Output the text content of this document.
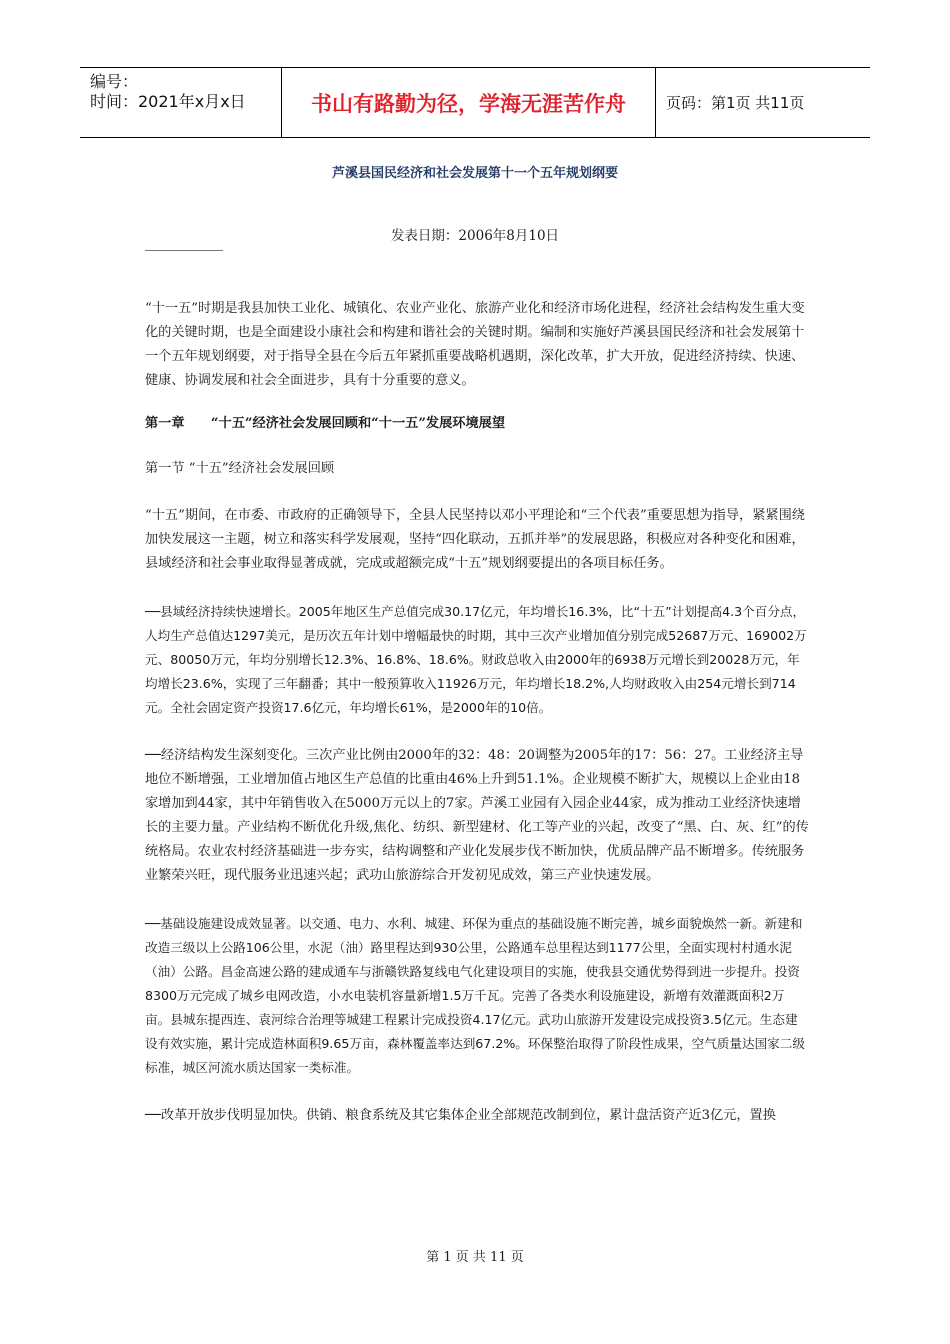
编号：
时间：2021年x月x日	书山有路勤为径，学海无涯苦作舟	页码：第1页 共11页
芦溪县国民经济和社会发展第十一个五年规划纲要
发表日期：2006年8月10日

“十一五”时期是我县加快工业化、城镇化、农业产业化、旅游产业化和经济市场化进程，经济社会结构发生重大变化的关键时期，也是全面建设小康社会和构建和谐社会的关键时期。编制和实施好芦溪县国民经济和社会发展第十一个五年规划纲要，对于指导全县在今后五年紧抓重要战略机遇期，深化改革，扩大开放，促进经济持续、快速、健康、协调发展和社会全面进步，具有十分重要的意义。

第一章　　“十五”经济社会发展回顾和“十一五”发展环境展望

第一节 “十五”经济社会发展回顾

“十五”期间，在市委、市政府的正确领导下，全县人民坚持以邓小平理论和“三个代表”重要思想为指导，紧紧围绕加快发展这一主题，树立和落实科学发展观，坚持“四化联动，五抓并举”的发展思路，积极应对各种变化和困难，县域经济和社会事业取得显著成就，完成或超额完成“十五”规划纲要提出的各项目标任务。

──县域经济持续快速增长。2005年地区生产总值完成30.17亿元，年均增长16.3%，比“十五”计划提高4.3个百分点，人均生产总值达1297美元，是历次五年计划中增幅最快的时期，其中三次产业增加值分别完成52687万元、169002万元、80050万元，年均分别增长12.3%、16.8%、18.6%。财政总收入由2000年的6938万元增长到20028万元，年均增长23.6%，实现了三年翻番；其中一般预算收入11926万元，年均增长18.2%,人均财政收入由254元增长到714元。全社会固定资产投资17.6亿元，年均增长61%，是2000年的10倍。

──经济结构发生深刻变化。三次产业比例由2000年的32：48：20调整为2005年的17：56：27。工业经济主导地位不断增强，工业增加值占地区生产总值的比重由46%上升到51.1%。企业规模不断扩大，规模以上企业由18家增加到44家，其中年销售收入在5000万元以上的7家。芦溪工业园有入园企业44家，成为推动工业经济快速增长的主要力量。产业结构不断优化升级,焦化、纺织、新型建材、化工等产业的兴起，改变了“黑、白、灰、红”的传统格局。农业农村经济基础进一步夯实，结构调整和产业化发展步伐不断加快，优质品牌产品不断增多。传统服务业繁荣兴旺，现代服务业迅速兴起；武功山旅游综合开发初见成效，第三产业快速发展。

──基础设施建设成效显著。以交通、电力、水利、城建、环保为重点的基础设施不断完善，城乡面貌焕然一新。新建和改造三级以上公路106公里，水泥（油）路里程达到930公里，公路通车总里程达到1177公里，全面实现村村通水泥（油）公路。昌金高速公路的建成通车与浙赣铁路复线电气化建设项目的实施，使我县交通优势得到进一步提升。投资8300万元完成了城乡电网改造，小水电装机容量新增1.5万千瓦。完善了各类水利设施建设，新增有效灌溉面积2万亩。县城东提西连、袁河综合治理等城建工程累计完成投资4.17亿元。武功山旅游开发建设完成投资3.5亿元。生态建设有效实施，累计完成造林面积9.65万亩，森林覆盖率达到67.2%。环保整治取得了阶段性成果，空气质量达国家二级标准，城区河流水质达国家一类标准。

──改革开放步伐明显加快。供销、粮食系统及其它集体企业全部规范改制到位，累计盘活资产近3亿元，置换

第 1 页 共 11 页
